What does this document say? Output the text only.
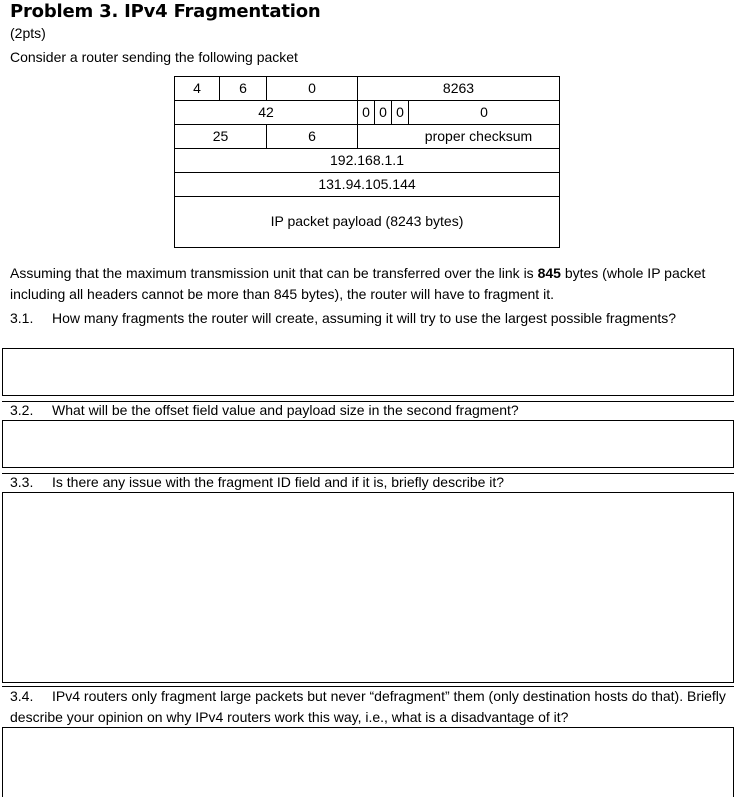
Problem 3. IPv4 Fragmentation
(2pts)
Consider a router sending the following packet
4	6	0	8263
42	0 0 0	0
25	6	proper checksum
192.168.1.1
131.94.105.144
IP packet payload (8243 bytes)
Assuming that the maximum transmission unit that can be transferred over the link is 845 bytes (whole IP packet including all headers cannot be more than 845 bytes), the router will have to fragment it.
3.1. How many fragments the router will create, assuming it will try to use the largest possible fragments?
3.2. What will be the offset field value and payload size in the second fragment?
3.3. Is there any issue with the fragment ID field and if it is, briefly describe it?
3.4. IPv4 routers only fragment large packets but never “defragment” them (only destination hosts do that). Briefly describe your opinion on why IPv4 routers work this way, i.e., what is a disadvantage of it?
